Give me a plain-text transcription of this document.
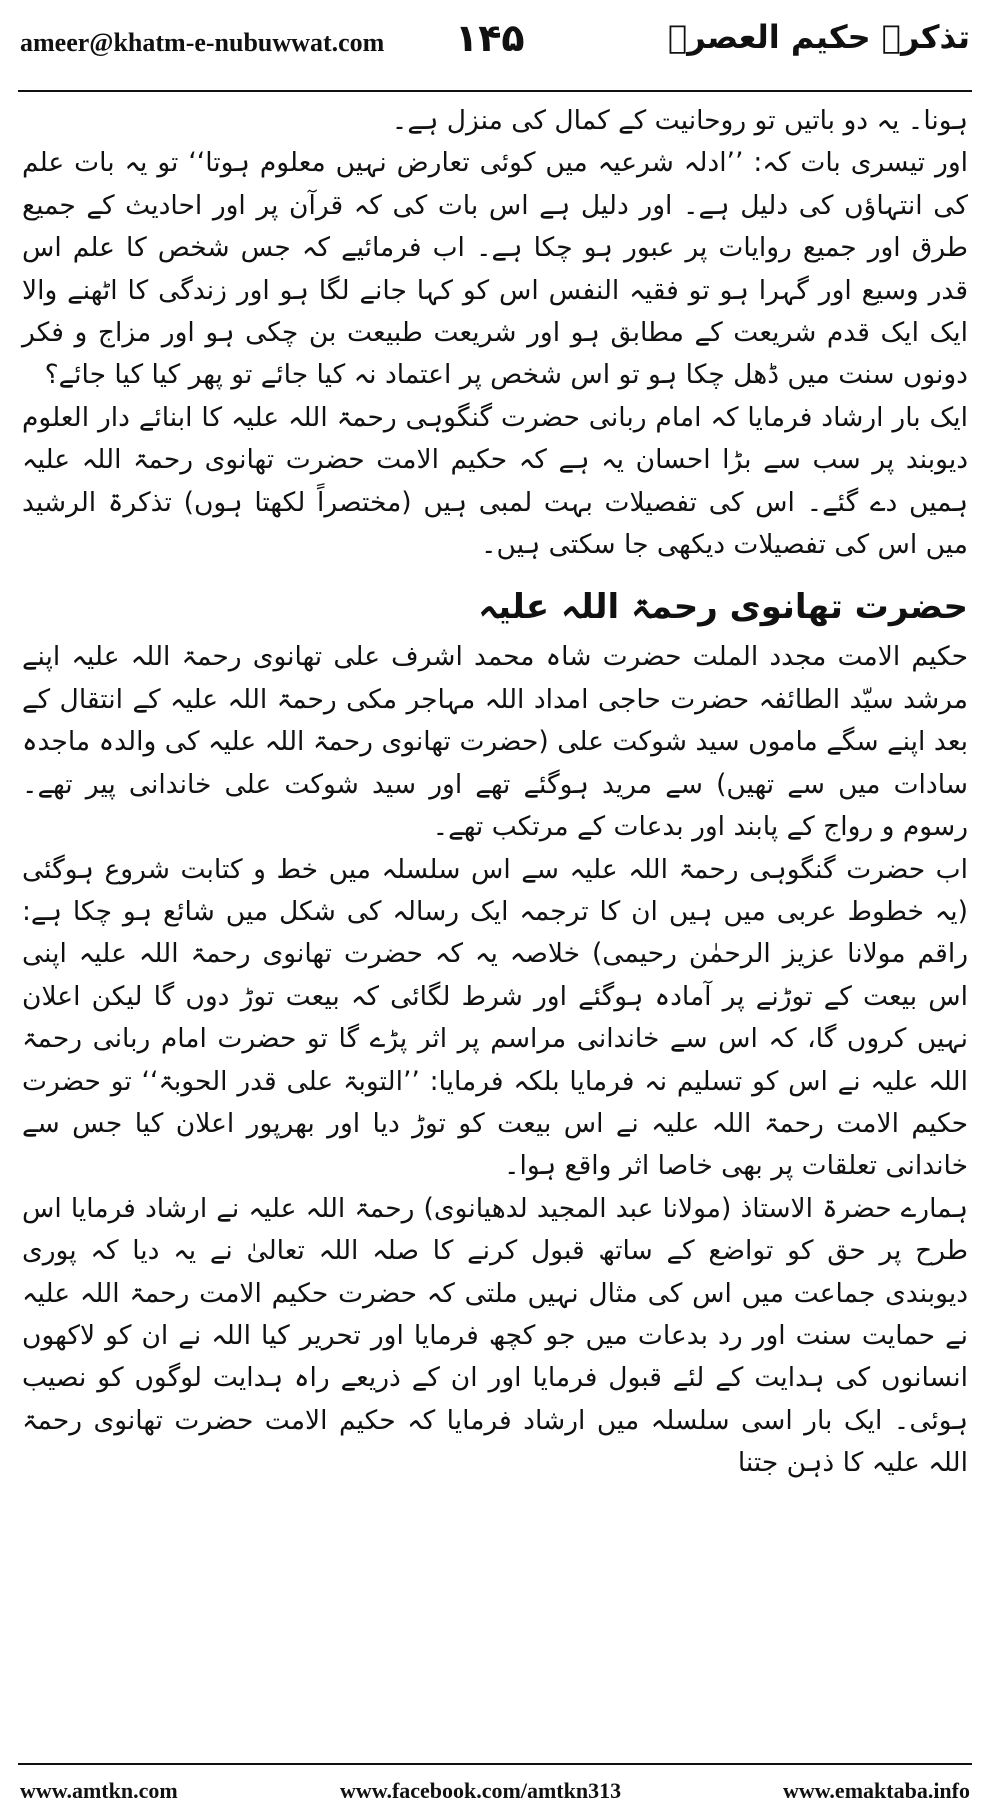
ameer@khatm-e-nubuwwat.com ۱۴۵	تذکرہ حکیم العصرؒ

ہونا۔ یہ دو باتیں تو روحانیت کے کمال کی منزل ہے۔

اور تیسری بات کہ: ’’ادلہ شرعیہ میں کوئی تعارض نہیں معلوم ہوتا‘‘ تو یہ بات علم کی انتہاؤں کی دلیل ہے۔ اور دلیل ہے اس بات کی کہ قرآن پر اور احادیث کے جمیع طرق اور جمیع روایات پر عبور ہو چکا ہے۔ اب فرمائیے کہ جس شخص کا علم اس قدر وسیع اور گہرا ہو تو فقیہ النفس اس کو کہا جانے لگا ہو اور زندگی کا اٹھنے والا ایک ایک قدم شریعت کے مطابق ہو اور شریعت طبیعت بن چکی ہو اور مزاج و فکر دونوں سنت میں ڈھل چکا ہو تو اس شخص پر اعتماد نہ کیا جائے تو پھر کیا کیا جائے؟

ایک بار ارشاد فرمایا کہ امام ربانی حضرت گنگوہی رحمۃ اللہ علیہ کا ابنائے دار العلوم دیوبند پر سب سے بڑا احسان یہ ہے کہ حکیم الامت حضرت تھانوی رحمۃ اللہ علیہ ہمیں دے گئے۔ اس کی تفصیلات بہت لمبی ہیں (مختصراً لکھتا ہوں) تذکرۃ الرشید میں اس کی تفصیلات دیکھی جا سکتی ہیں۔

حضرت تھانوی رحمۃ اللہ علیہ

حکیم الامت مجدد الملت حضرت شاہ محمد اشرف علی تھانوی رحمۃ اللہ علیہ اپنے مرشد سیّد الطائفہ حضرت حاجی امداد اللہ مہاجر مکی رحمۃ اللہ علیہ کے انتقال کے بعد اپنے سگے ماموں سید شوکت علی (حضرت تھانوی رحمۃ اللہ علیہ کی والدہ ماجدہ سادات میں سے تھیں) سے مرید ہوگئے تھے اور سید شوکت علی خاندانی پیر تھے۔ رسوم و رواج کے پابند اور بدعات کے مرتکب تھے۔

اب حضرت گنگوہی رحمۃ اللہ علیہ سے اس سلسلہ میں خط و کتابت شروع ہوگئی (یہ خطوط عربی میں ہیں ان کا ترجمہ ایک رسالہ کی شکل میں شائع ہو چکا ہے: راقم مولانا عزیز الرحمٰن رحیمی) خلاصہ یہ کہ حضرت تھانوی رحمۃ اللہ علیہ اپنی اس بیعت کے توڑنے پر آمادہ ہوگئے اور شرط لگائی کہ بیعت توڑ دوں گا لیکن اعلان نہیں کروں گا، کہ اس سے خاندانی مراسم پر اثر پڑے گا تو حضرت امام ربانی رحمۃ اللہ علیہ نے اس کو تسلیم نہ فرمایا بلکہ فرمایا: ’’التوبۃ علی قدر الحوبۃ‘‘ تو حضرت حکیم الامت رحمۃ اللہ علیہ نے اس بیعت کو توڑ دیا اور بھرپور اعلان کیا جس سے خاندانی تعلقات پر بھی خاصا اثر واقع ہوا۔

ہمارے حضرۃ الاستاذ (مولانا عبد المجید لدھیانوی) رحمۃ اللہ علیہ نے ارشاد فرمایا اس طرح پر حق کو تواضع کے ساتھ قبول کرنے کا صلہ اللہ تعالیٰ نے یہ دیا کہ پوری دیوبندی جماعت میں اس کی مثال نہیں ملتی کہ حضرت حکیم الامت رحمۃ اللہ علیہ نے حمایت سنت اور رد بدعات میں جو کچھ فرمایا اور تحریر کیا اللہ نے ان کو لاکھوں انسانوں کی ہدایت کے لئے قبول فرمایا اور ان کے ذریعے راہ ہدایت لوگوں کو نصیب ہوئی۔ ایک بار اسی سلسلہ میں ارشاد فرمایا کہ حکیم الامت حضرت تھانوی رحمۃ اللہ علیہ کا ذہن جتنا

www.amtkn.com	www.facebook.com/amtkn313	www.emaktaba.info
